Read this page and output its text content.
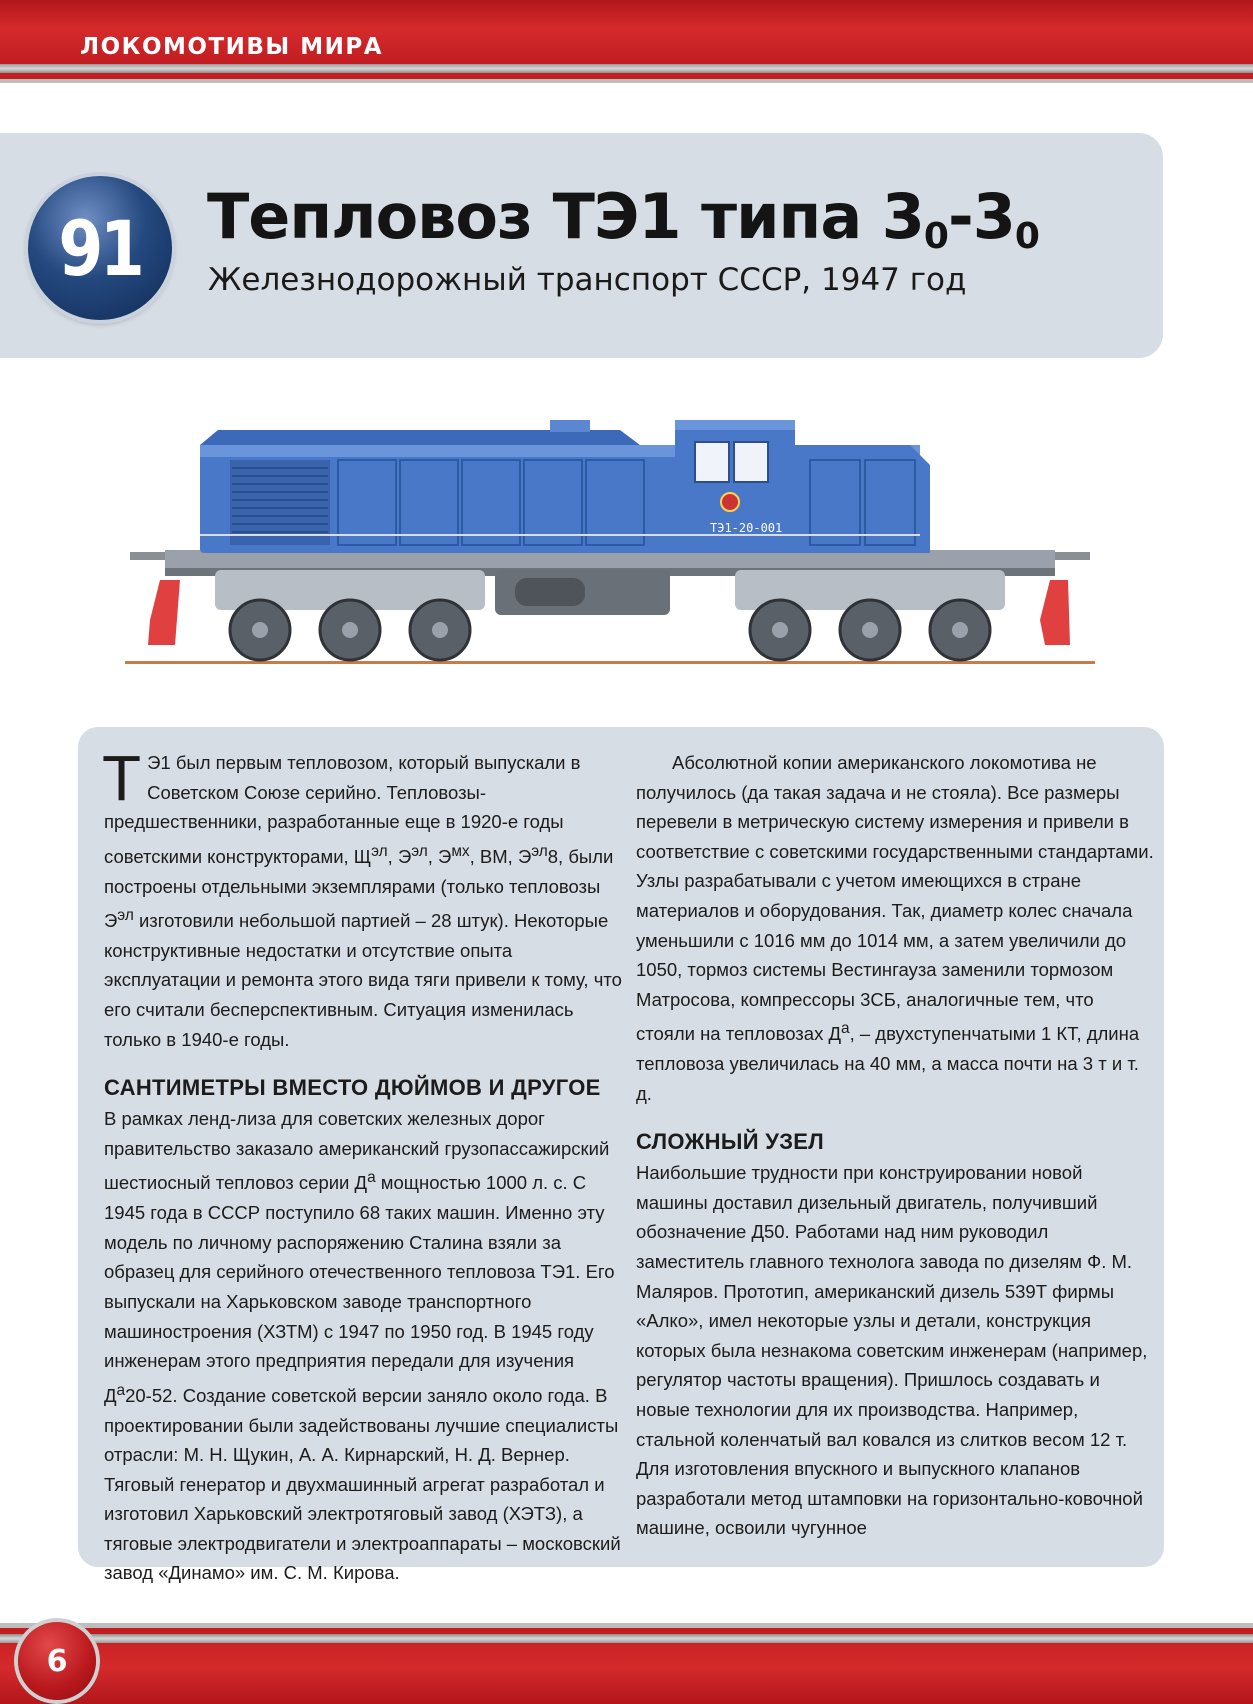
ЛОКОМОТИВЫ МИРА
91 Тепловоз ТЭ1 типа $3_0-3_0$
Железнодорожный транспорт СССР, 1947 год
ТЭ1-20-001

Т Э1 был первым тепловозом, который выпускали в Советском Союзе серийно. Тепловозы-предшественники, разработанные еще в 1920-е годы советскими конструкторами, $Щ^{эл}$, $Э^{эл}$, $Э^{мх}$, ВМ, $Э^{эл}8$, были построены отдельными экземплярами (только тепловозы $Э^{эл}$ изготовили небольшой партией – 28 штук). Некоторые конструктивные недостатки и отсутствие опыта эксплуатации и ремонта этого вида тяги привели к тому, что его считали бесперспективным. Ситуация изменилась только в 1940-е годы.

САНТИМЕТРЫ ВМЕСТО ДЮЙМОВ И ДРУГОЕ

В рамках ленд-лиза для советских железных дорог правительство заказало американский грузопассажирский шестиосный тепловоз серии $Д^а$ мощностью 1000 л. с. С 1945 года в СССР поступило 68 таких машин. Именно эту модель по личному распоряжению Сталина взяли за образец для серийного отечественного тепловоза ТЭ1. Его выпускали на Харьковском заводе транспортного машиностроения (ХЗТМ) с 1947 по 1950 год. В 1945 году инженерам этого предприятия передали для изучения $Д^а20-52$. Создание советской версии заняло около года. В проектировании были задействованы лучшие специалисты отрасли: М. Н. Щукин, А. А. Кирнарский, Н. Д. Вернер. Тяговый генератор и двухмашинный агрегат разработал и изготовил Харьковский электротяговый завод (ХЭТЗ), а тяговые электродвигатели и электроаппараты – московский завод «Динамо» им. С. М. Кирова.

Абсолютной копии американского локомотива не получилось (да такая задача и не стояла). Все размеры перевели в метрическую систему измерения и привели в соответствие с советскими государственными стандартами. Узлы разрабатывали с учетом имеющихся в стране материалов и оборудования. Так, диаметр колес сначала уменьшили с 1016 мм до 1014 мм, а затем увеличили до 1050, тормоз системы Вестингауза заменили тормозом Матросова, компрессоры 3СБ, аналогичные тем, что стояли на тепловозах $Д^а$, – двухступенчатыми 1 КТ, длина тепловоза увеличилась на 40 мм, а масса почти на 3 т и т. д.

СЛОЖНЫЙ УЗЕЛ

Наибольшие трудности при конструировании новой машины доставил дизельный двигатель, получивший обозначение Д50. Работами над ним руководил заместитель главного технолога завода по дизелям Ф. М. Маляров. Прототип, американский дизель 539Т фирмы «Алко», имел некоторые узлы и детали, конструкция которых была незнакома советским инженерам (например, регулятор частоты вращения). Пришлось создавать и новые технологии для их производства. Например, стальной коленчатый вал ковался из слитков весом 12 т. Для изготовления впускного и выпускного клапанов разработали метод штамповки на горизонтально-ковочной машине, освоили чугунное

6
